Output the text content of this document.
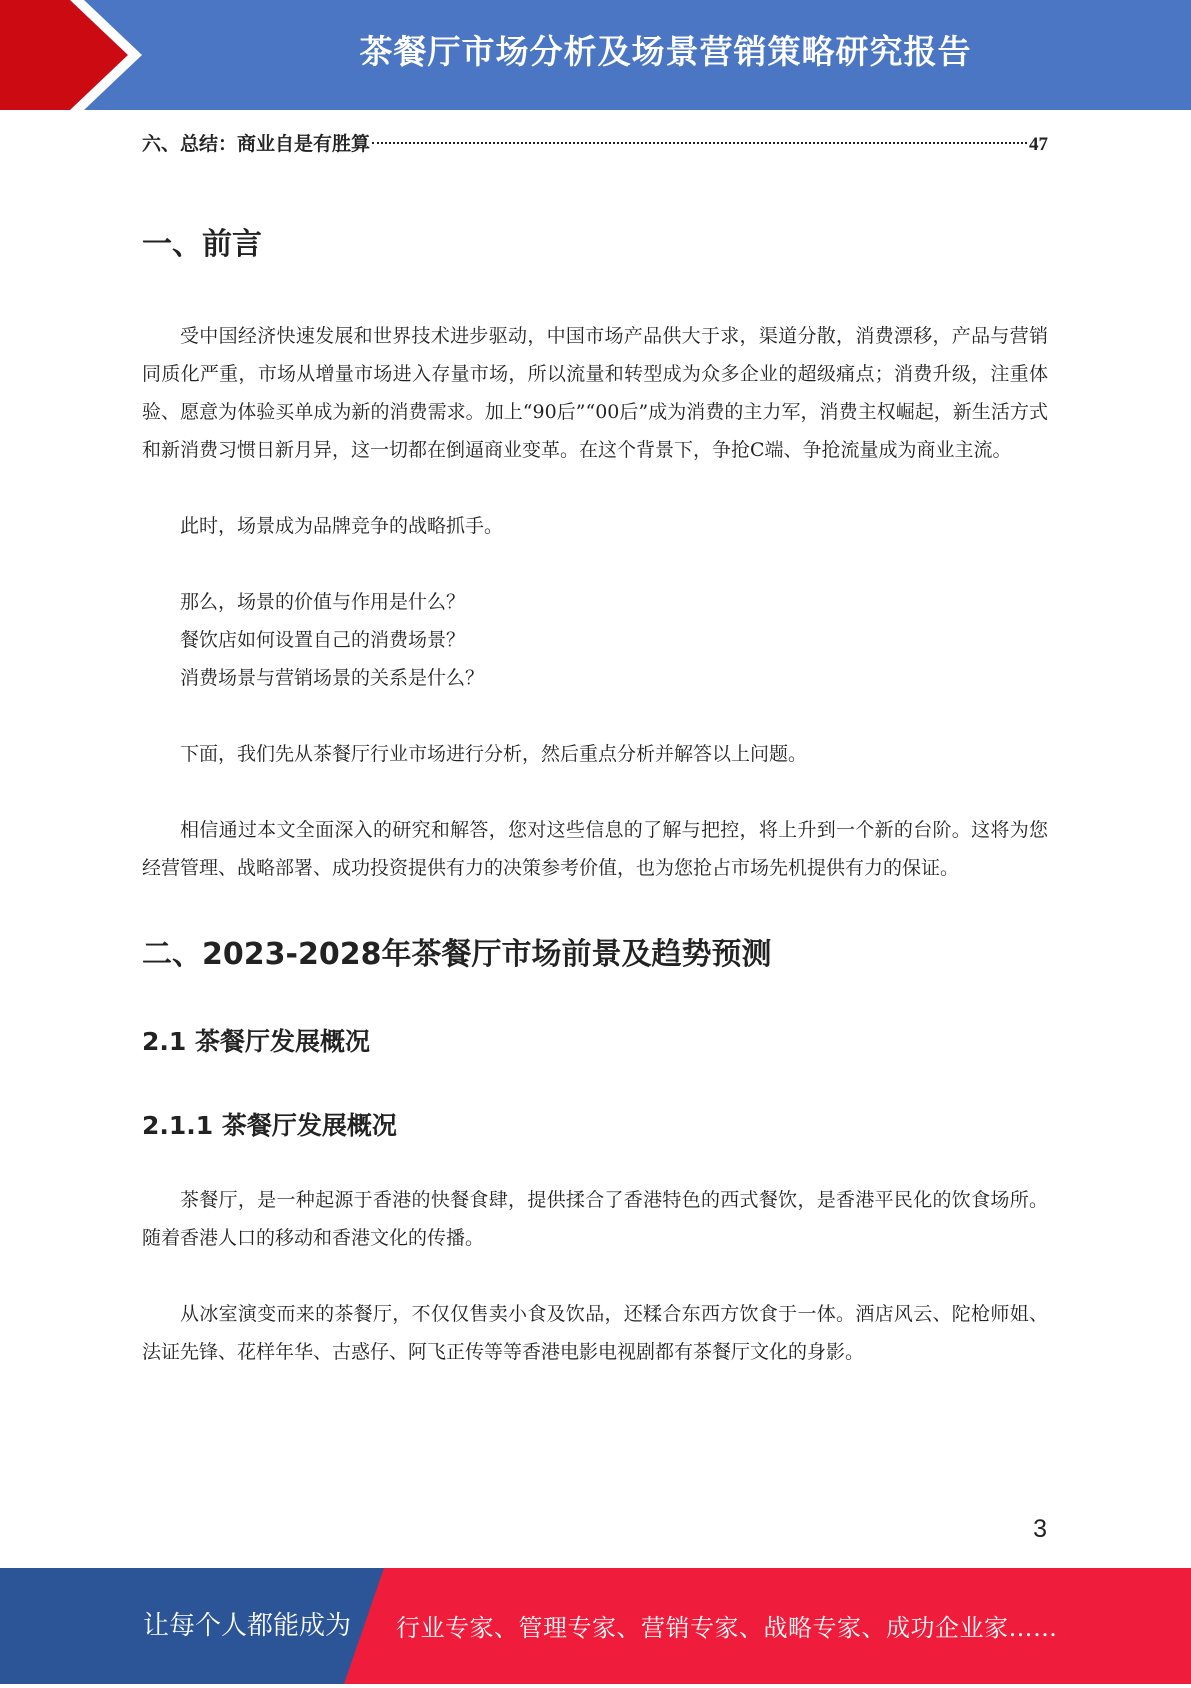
茶餐厅市场分析及场景营销策略研究报告
六、总结：商业自是有胜算	47
一、前言

受中国经济快速发展和世界技术进步驱动，中国市场产品供大于求，渠道分散，消费漂移，产品与营销同质化严重，市场从增量市场进入存量市场，所以流量和转型成为众多企业的超级痛点；消费升级，注重体验、愿意为体验买单成为新的消费需求。加上“90后”“00后”成为消费的主力军，消费主权崛起，新生活方式和新消费习惯日新月异，这一切都在倒逼商业变革。在这个背景下，争抢C端、争抢流量成为商业主流。

此时，场景成为品牌竞争的战略抓手。

那么，场景的价值与作用是什么？

餐饮店如何设置自己的消费场景？

消费场景与营销场景的关系是什么？

下面，我们先从茶餐厅行业市场进行分析，然后重点分析并解答以上问题。

相信通过本文全面深入的研究和解答，您对这些信息的了解与把控，将上升到一个新的台阶。这将为您经营管理、战略部署、成功投资提供有力的决策参考价值，也为您抢占市场先机提供有力的保证。

二、2023-2028年茶餐厅市场前景及趋势预测
2.1 茶餐厅发展概况
2.1.1 茶餐厅发展概况

茶餐厅，是一种起源于香港的快餐食肆，提供揉合了香港特色的西式餐饮，是香港平民化的饮食场所。随着香港人口的移动和香港文化的传播。

从冰室演变而来的茶餐厅，不仅仅售卖小食及饮品，还糅合东西方饮食于一体。酒店风云、陀枪师姐、法证先锋、花样年华、古惑仔、阿飞正传等等香港电影电视剧都有茶餐厅文化的身影。

3
让每个人都能成为 行业专家、管理专家、营销专家、战略专家、成功企业家……
